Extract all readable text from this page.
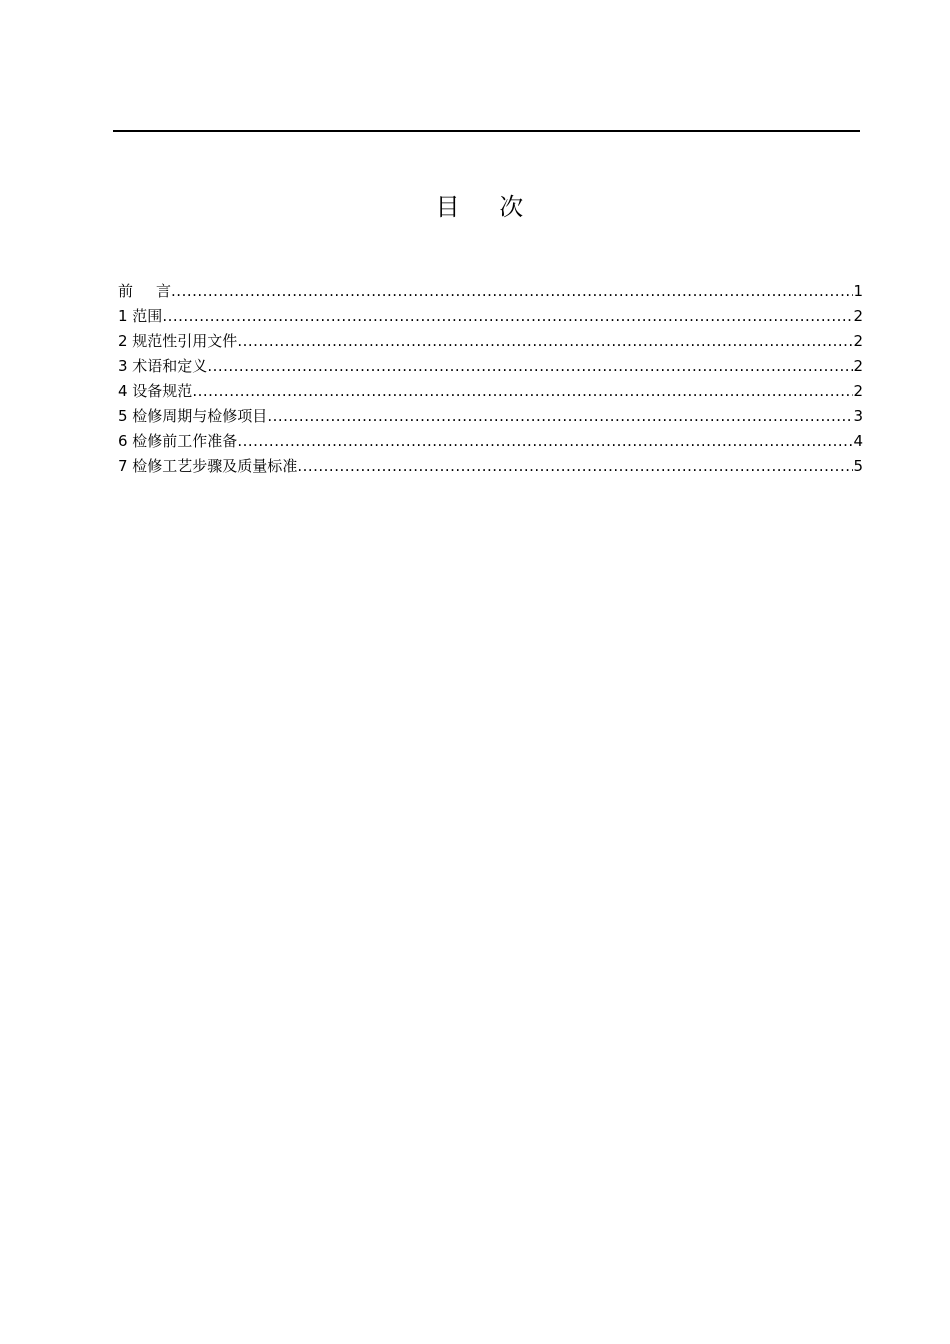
目 次
前 言 .....	1
1 范围 .....	2
2 规范性引用文件 .....	2
3 术语和定义 .....	2
4 设备规范 .....	2
5 检修周期与检修项目 .....	3
6 检修前工作准备 .....	4
7 检修工艺步骤及质量标准 .....	5
